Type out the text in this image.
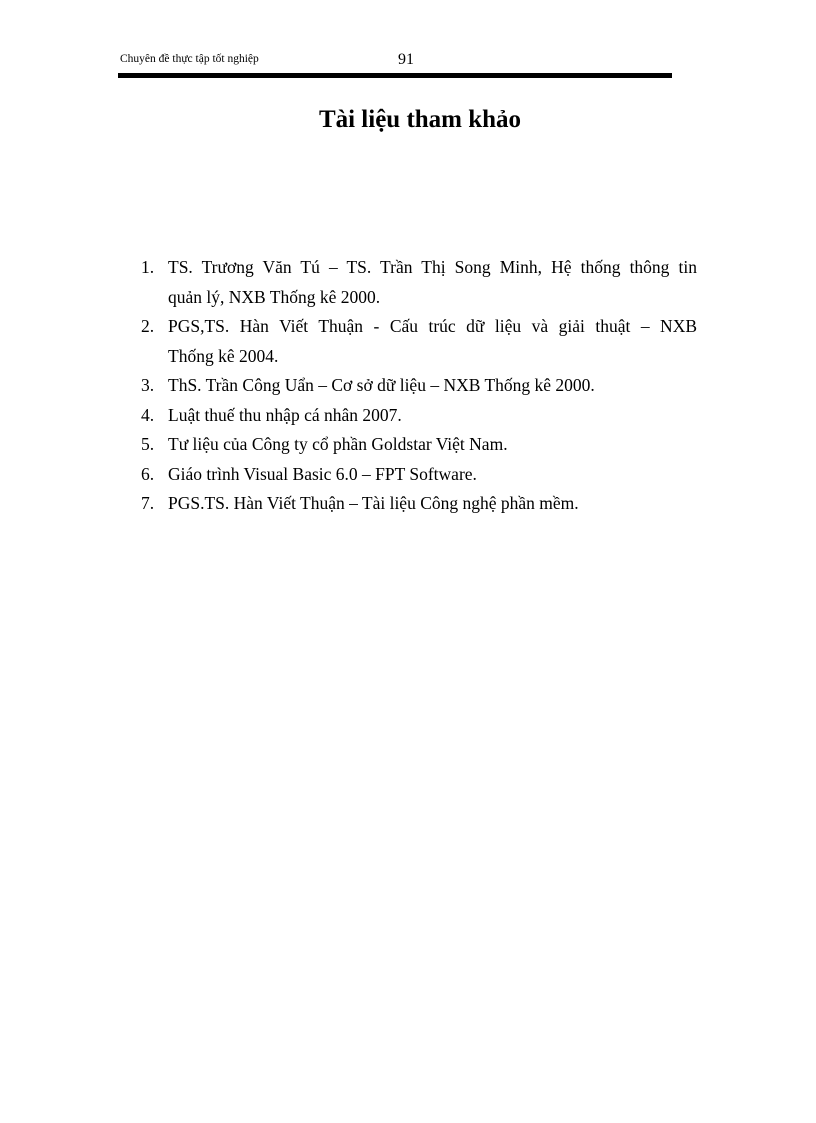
Chuyên đề thực tập tốt nghiệp	91
Tài liệu tham khảo
1. TS. Trương Văn Tú – TS. Trần Thị Song Minh, Hệ thống thông tin
quản lý, NXB Thống kê 2000.
2. PGS,TS. Hàn Viết Thuận - Cấu trúc dữ liệu và giải thuật – NXB
Thống kê 2004.
3. ThS. Trần Công Uẩn – Cơ sở dữ liệu – NXB Thống kê 2000.
4. Luật thuế thu nhập cá nhân 2007.
5. Tư liệu của Công ty cổ phần Goldstar Việt Nam.
6. Giáo trình Visual Basic 6.0 – FPT Software.
7. PGS.TS. Hàn Viết Thuận – Tài liệu Công nghệ phần mềm.
